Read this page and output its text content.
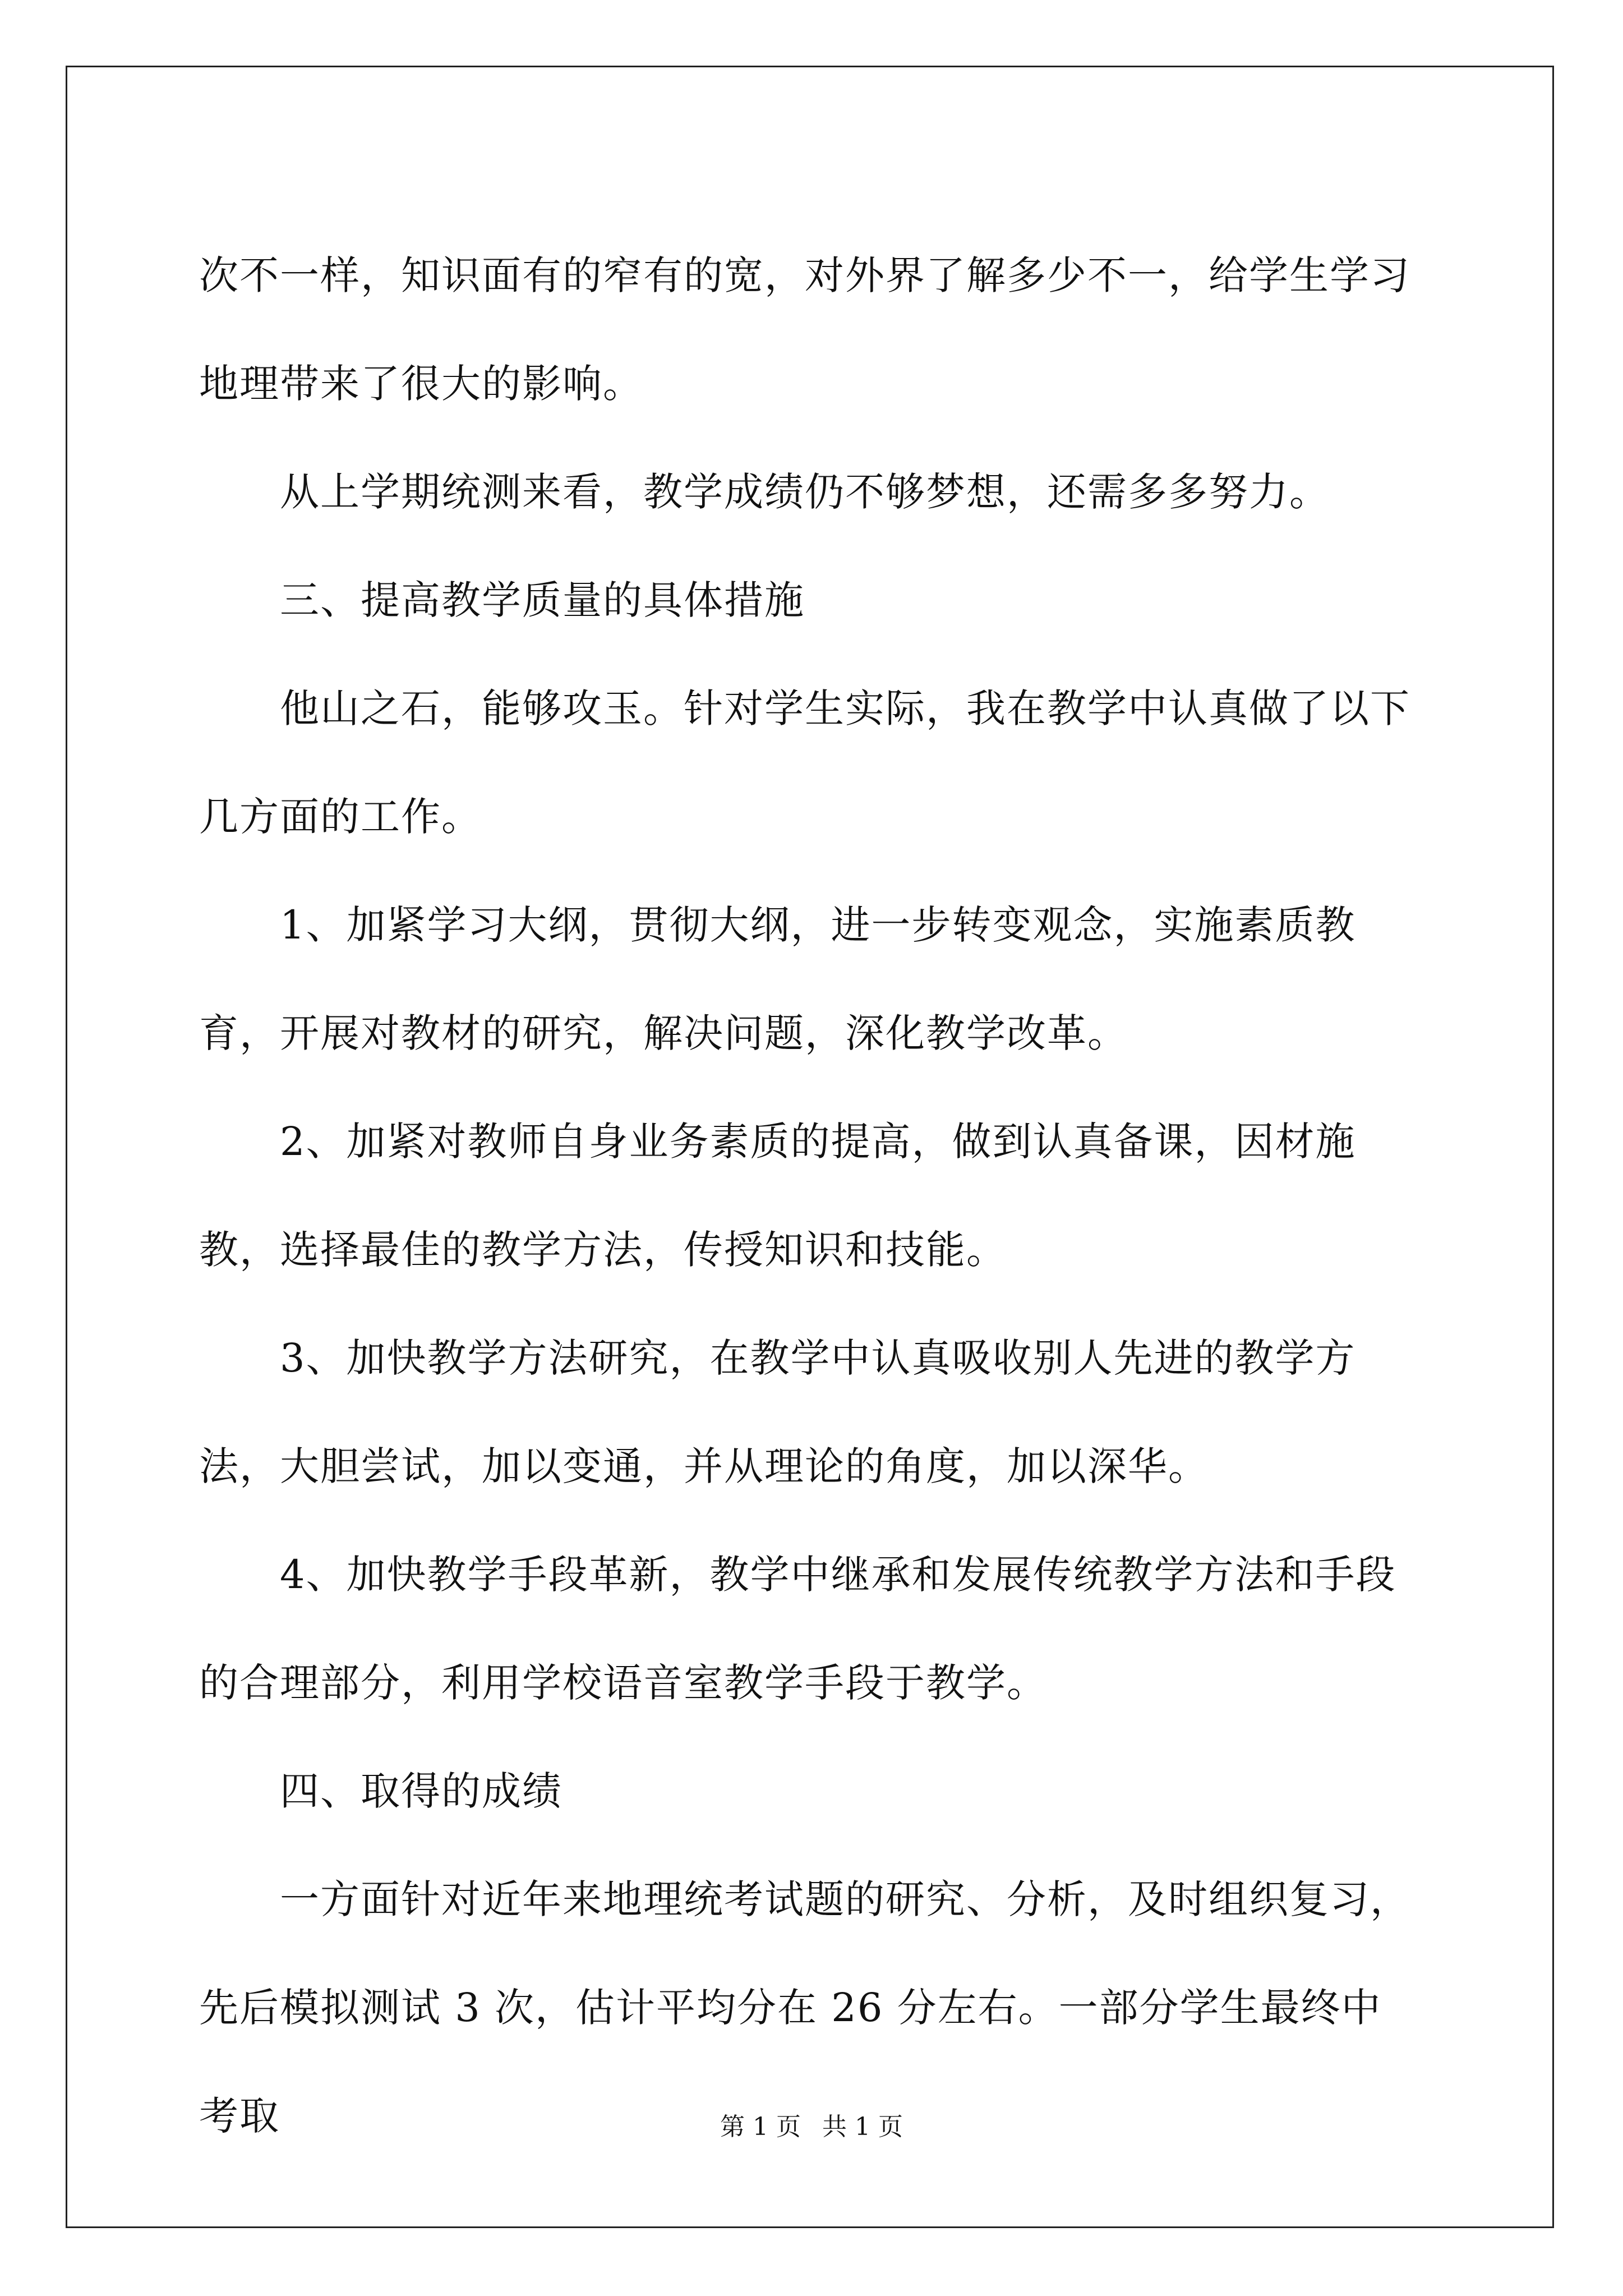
次不一样，知识面有的窄有的宽，对外界了解多少不一，给学生学习地理带来了很大的影响。

　　从上学期统测来看，教学成绩仍不够梦想，还需多多努力。

　　三、提高教学质量的具体措施

　　他山之石，能够攻玉。针对学生实际，我在教学中认真做了以下几方面的工作。

　　1、加紧学习大纲，贯彻大纲，进一步转变观念，实施素质教育，开展对教材的研究，解决问题，深化教学改革。

　　2、加紧对教师自身业务素质的提高，做到认真备课，因材施教，选择最佳的教学方法，传授知识和技能。

　　3、加快教学方法研究，在教学中认真吸收别人先进的教学方法，大胆尝试，加以变通，并从理论的角度，加以深华。

　　4、加快教学手段革新，教学中继承和发展传统教学方法和手段的合理部分，利用学校语音室教学手段于教学。

　　四、取得的成绩

　　一方面针对近年来地理统考试题的研究、分析，及时组织复习，先后模拟测试 3 次，估计平均分在 26 分左右。一部分学生最终中考取	第 1 页 共 1 页
